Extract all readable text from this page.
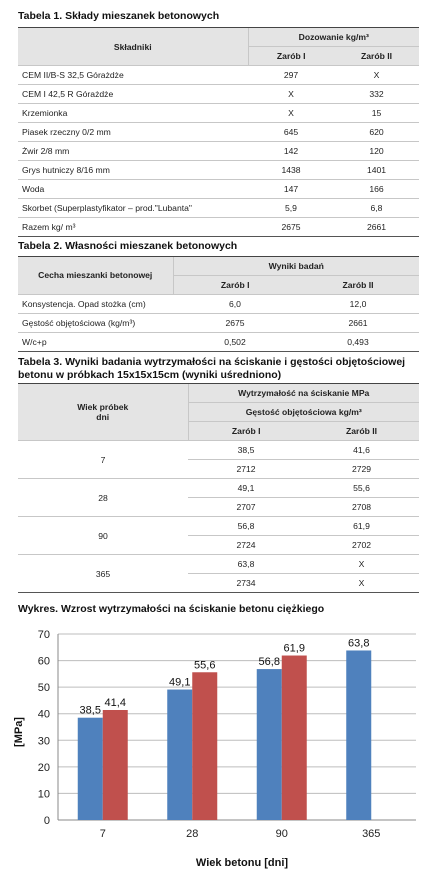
Tabela 1. Składy mieszanek betonowych
Składniki	Dozowanie kg/m³	
	Zarób I	Zarób II
CEM II/B-S 32,5 Górażdże	297	X
CEM I 42,5 R Górażdże	X	332
Krzemionka	X	15
Piasek rzeczny 0/2 mm	645	620
Żwir 2/8 mm	142	120
Grys hutniczy 8/16 mm	1438	1401
Woda	147	166
Skorbet (Superplastyfikator – prod."Lubanta"	5,9	6,8
Razem kg/ m³	2675	2661
Tabela 2. Własności mieszanek betonowych
Cecha mieszanki betonowej	Wyniki badań	
	Zarób I	Zarób II
Konsystencja. Opad stożka (cm)	6,0	12,0
Gęstość objętościowa (kg/m³)	2675	2661
W/c+p	0,502	0,493
Tabela 3. Wyniki badania wytrzymałości na ściskanie i gęstości objętościowej
betonu w próbkach 15x15x15cm (wyniki uśredniono)
Wiek próbek
dni	Wytrzymałość na ściskanie MPa	
	Gęstość objętościowa kg/m³	
	Zarób I	Zarób II
7	38,5	41,6
	2712	2729
28	49,1	55,6
	2707	2708
90	56,8	61,9
	2724	2702
365	63,8	X
	2734	X
Wykres. Wzrost wytrzymałości na ściskanie betonu ciężkiego
[MPa]
Wiek betonu [dni]
0
10
20
30
40
50
60
70
7
38,5
41,4
28
49,1
55,6
90
56,8
61,9
365
63,8
